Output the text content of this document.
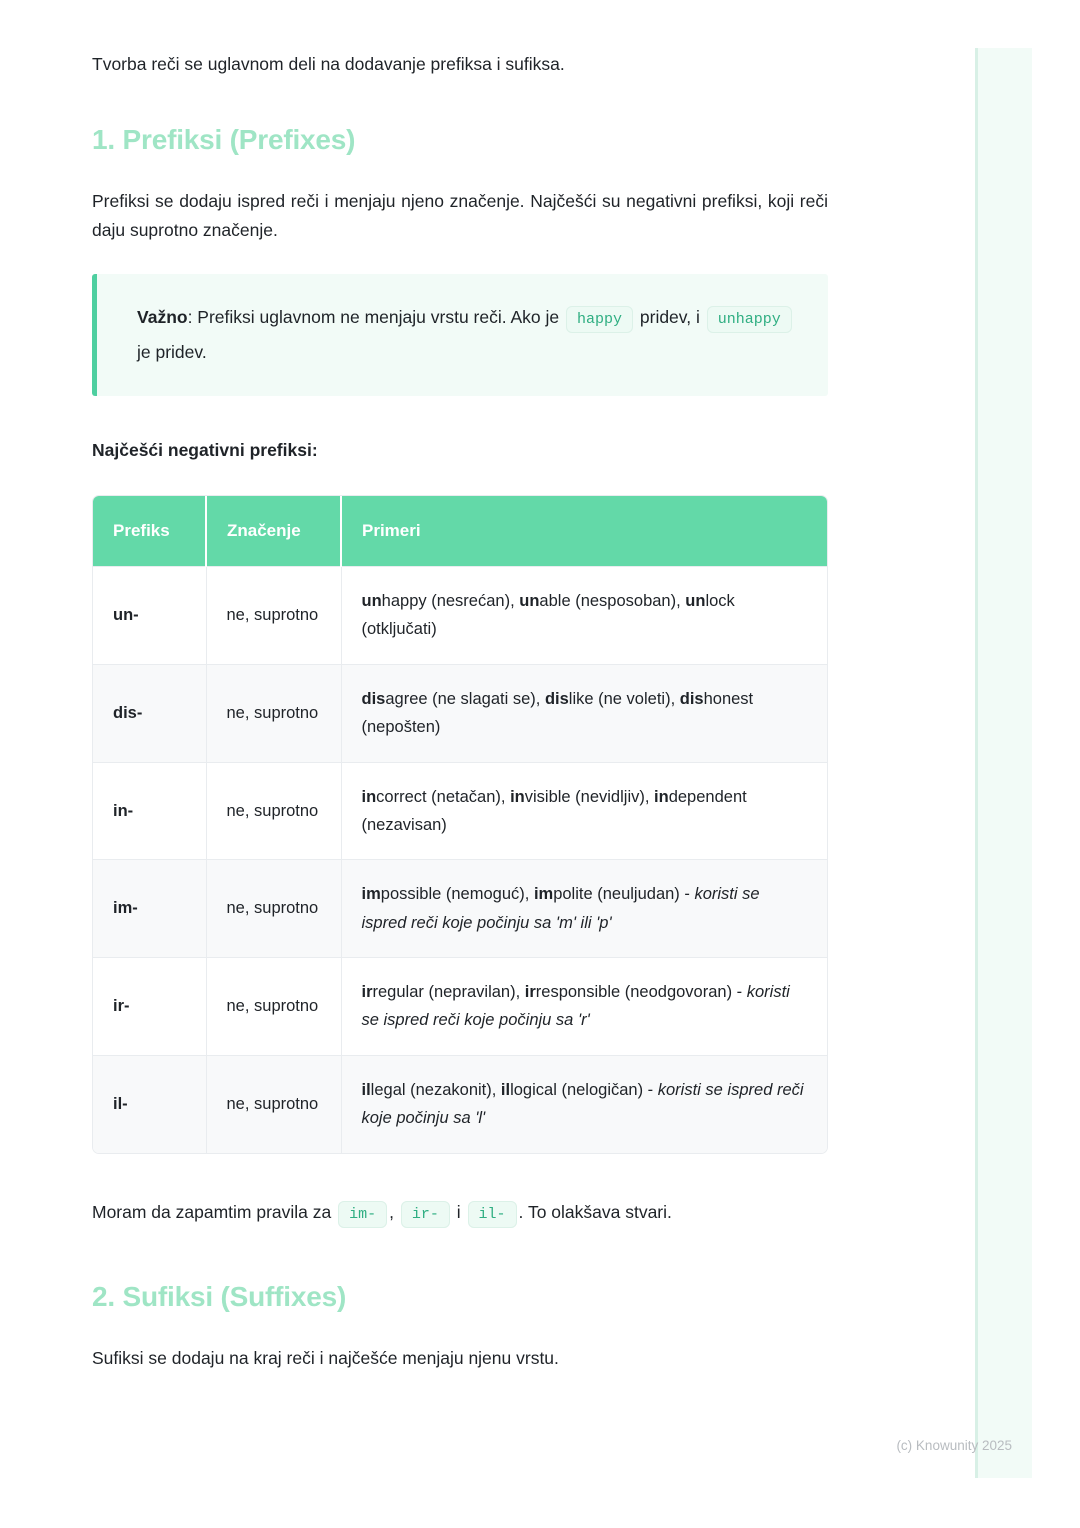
Tvorba reči se uglavnom deli na dodavanje prefiksa i sufiksa.

1. Prefiksi (Prefixes)

Prefiksi se dodaju ispred reči i menjaju njeno značenje. Najčešći su negativni prefiksi, koji reči daju suprotno značenje.

Važno: Prefiksi uglavnom ne menjaju vrstu reči. Ako je happy pridev, i unhappy je pridev.

Najčešći negativni prefiksi:

Prefiks	Značenje	Primeri
un-	ne, suprotno	unhappy (nesrećan), unable (nesposoban), unlock (otključati)
dis-	ne, suprotno	disagree (ne slagati se), dislike (ne voleti), dishonest (nepošten)
in-	ne, suprotno	incorrect (netačan), invisible (nevidljiv), independent (nezavisan)
im-	ne, suprotno	impossible (nemoguć), impolite (neuljudan) - koristi se ispred reči koje počinju sa 'm' ili 'p'
ir-	ne, suprotno	irregular (nepravilan), irresponsible (neodgovoran) - koristi se ispred reči koje počinju sa 'r'
il-	ne, suprotno	illegal (nezakonit), illogical (nelogičan) - koristi se ispred reči koje počinju sa 'l'

Moram da zapamtim pravila za im- , ir- i il- . To olakšava stvari.

2. Sufiksi (Suffixes)

Sufiksi se dodaju na kraj reči i najčešće menjaju njenu vrstu.

(c) Knowunity 2025
